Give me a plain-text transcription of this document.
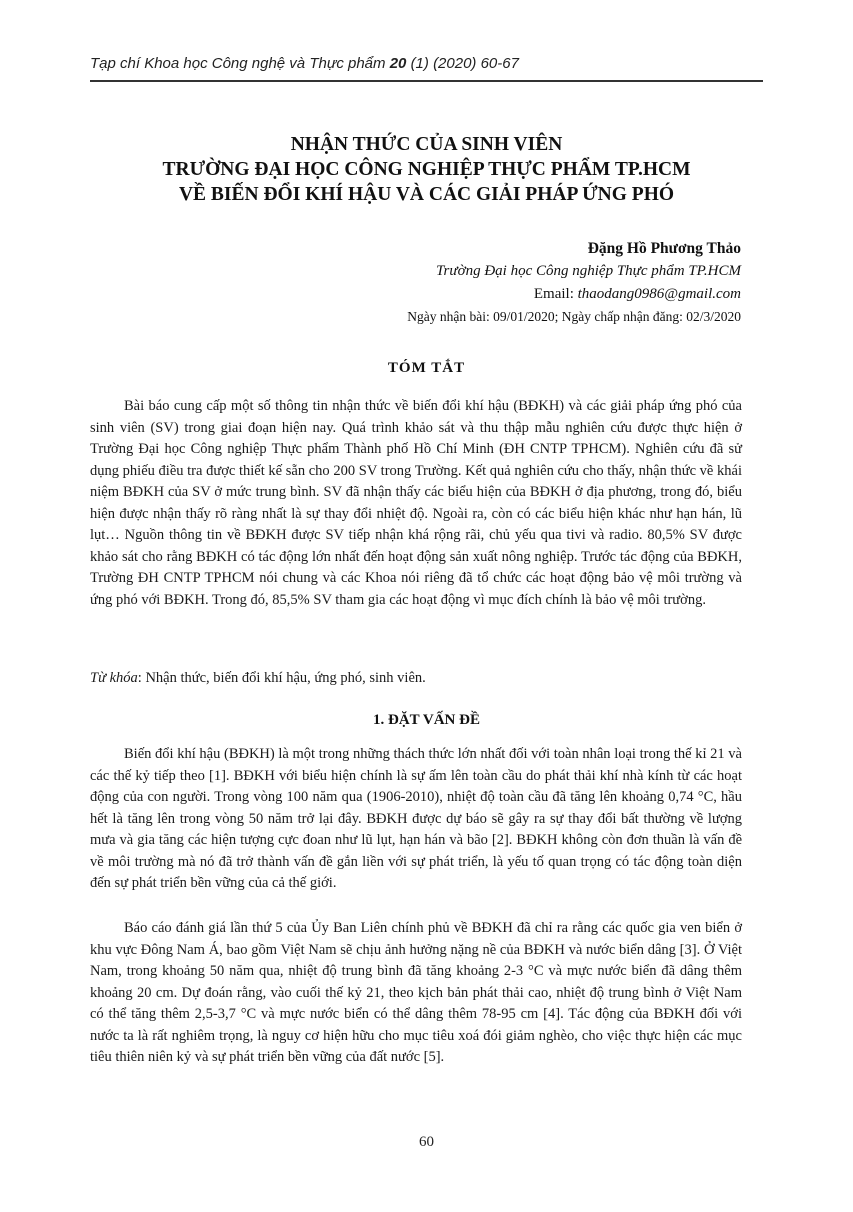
Tạp chí Khoa học Công nghệ và Thực phẩm 20 (1) (2020) 60-67
NHẬN THỨC CỦA SINH VIÊN
TRƯỜNG ĐẠI HỌC CÔNG NGHIỆP THỰC PHẨM TP.HCM
VỀ BIẾN ĐỔI KHÍ HẬU VÀ CÁC GIẢI PHÁP ỨNG PHÓ
Đặng Hồ Phương Thảo
Trường Đại học Công nghiệp Thực phẩm TP.HCM
Email: thaodang0986@gmail.com
Ngày nhận bài: 09/01/2020; Ngày chấp nhận đăng: 02/3/2020
TÓM TẮT

Bài báo cung cấp một số thông tin nhận thức về biến đổi khí hậu (BĐKH) và các giải pháp ứng phó của sinh viên (SV) trong giai đoạn hiện nay. Quá trình khảo sát và thu thập mẫu nghiên cứu được thực hiện ở Trường Đại học Công nghiệp Thực phẩm Thành phố Hồ Chí Minh (ĐH CNTP TPHCM). Nghiên cứu đã sử dụng phiếu điều tra được thiết kế sẵn cho 200 SV trong Trường. Kết quả nghiên cứu cho thấy, nhận thức về khái niệm BĐKH của SV ở mức trung bình. SV đã nhận thấy các biểu hiện của BĐKH ở địa phương, trong đó, biểu hiện được nhận thấy rõ ràng nhất là sự thay đổi nhiệt độ. Ngoài ra, còn có các biểu hiện khác như hạn hán, lũ lụt… Nguồn thông tin về BĐKH được SV tiếp nhận khá rộng rãi, chủ yếu qua tivi và radio. 80,5% SV được khảo sát cho rằng BĐKH có tác động lớn nhất đến hoạt động sản xuất nông nghiệp. Trước tác động của BĐKH, Trường ĐH CNTP TPHCM nói chung và các Khoa nói riêng đã tổ chức các hoạt động bảo vệ môi trường và ứng phó với BĐKH. Trong đó, 85,5% SV tham gia các hoạt động vì mục đích chính là bảo vệ môi trường.

Từ khóa: Nhận thức, biến đổi khí hậu, ứng phó, sinh viên.
1. ĐẶT VẤN ĐỀ

Biến đổi khí hậu (BĐKH) là một trong những thách thức lớn nhất đối với toàn nhân loại trong thế kỉ 21 và các thế kỷ tiếp theo [1]. BĐKH với biểu hiện chính là sự ấm lên toàn cầu do phát thải khí nhà kính từ các hoạt động của con người. Trong vòng 100 năm qua (1906-2010), nhiệt độ toàn cầu đã tăng lên khoảng 0,74 °C, hầu hết là tăng lên trong vòng 50 năm trở lại đây. BĐKH được dự báo sẽ gây ra sự thay đổi bất thường về lượng mưa và gia tăng các hiện tượng cực đoan như lũ lụt, hạn hán và bão [2]. BĐKH không còn đơn thuần là vấn đề về môi trường mà nó đã trở thành vấn đề gắn liền với sự phát triển, là yếu tố quan trọng có tác động toàn diện đến sự phát triển bền vững của cả thế giới.

Báo cáo đánh giá lần thứ 5 của Ủy Ban Liên chính phủ về BĐKH đã chỉ ra rằng các quốc gia ven biển ở khu vực Đông Nam Á, bao gồm Việt Nam sẽ chịu ảnh hưởng nặng nề của BĐKH và nước biển dâng [3]. Ở Việt Nam, trong khoảng 50 năm qua, nhiệt độ trung bình đã tăng khoảng 2-3 °C và mực nước biển đã dâng thêm khoảng 20 cm. Dự đoán rằng, vào cuối thế kỷ 21, theo kịch bản phát thải cao, nhiệt độ trung bình ở Việt Nam có thể tăng thêm 2,5-3,7 °C và mực nước biển có thể dâng thêm 78-95 cm [4]. Tác động của BĐKH đối với nước ta là rất nghiêm trọng, là nguy cơ hiện hữu cho mục tiêu xoá đói giảm nghèo, cho việc thực hiện các mục tiêu thiên niên kỷ và sự phát triển bền vững của đất nước [5].

60
